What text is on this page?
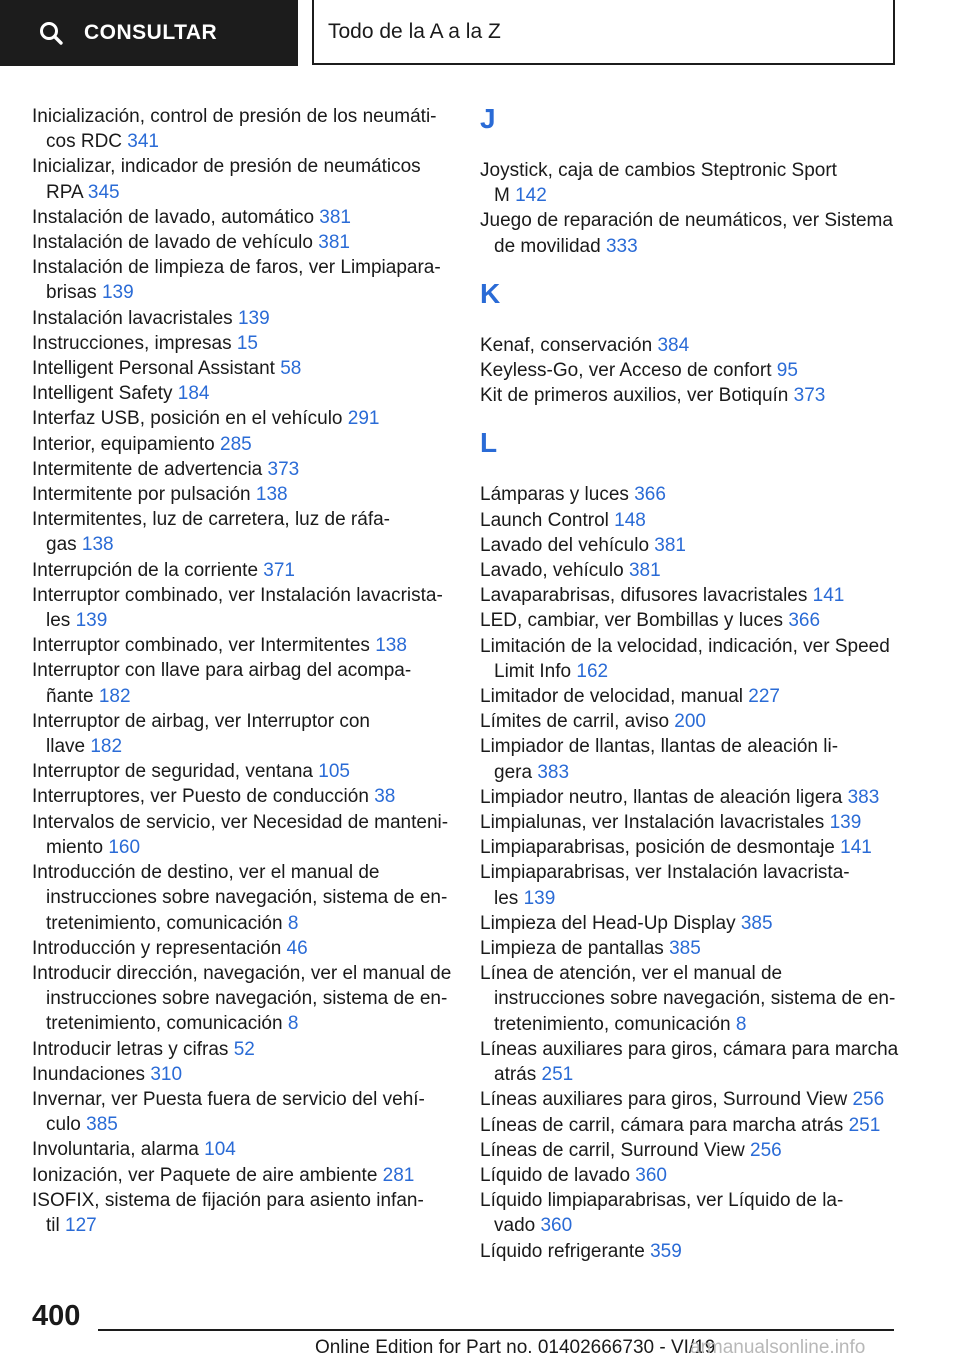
CONSULTAR	Todo de la A a la Z
Inicialización, control de presión de los neumáti-
cos RDC 341
Inicializar, indicador de presión de neumáticos
RPA 345
Instalación de lavado, automático 381
Instalación de lavado de vehículo 381
Instalación de limpieza de faros, ver Limpiapara-
brisas 139
Instalación lavacristales 139
Instrucciones, impresas 15
Intelligent Personal Assistant 58
Intelligent Safety 184
Interfaz USB, posición en el vehículo 291
Interior, equipamiento 285
Intermitente de advertencia 373
Intermitente por pulsación 138
Intermitentes, luz de carretera, luz de ráfa-
gas 138
Interrupción de la corriente 371
Interruptor combinado, ver Instalación lavacrista-
les 139
Interruptor combinado, ver Intermitentes 138
Interruptor con llave para airbag del acompa-
ñante 182
Interruptor de airbag, ver Interruptor con
llave 182
Interruptor de seguridad, ventana 105
Interruptores, ver Puesto de conducción 38
Intervalos de servicio, ver Necesidad de manteni-
miento 160
Introducción de destino, ver el manual de
instrucciones sobre navegación, sistema de en-
tretenimiento, comunicación 8
Introducción y representación 46
Introducir dirección, navegación, ver el manual de
instrucciones sobre navegación, sistema de en-
tretenimiento, comunicación 8
Introducir letras y cifras 52
Inundaciones 310
Invernar, ver Puesta fuera de servicio del vehí-
culo 385
Involuntaria, alarma 104
Ionización, ver Paquete de aire ambiente 281
ISOFIX, sistema de fijación para asiento infan-
til 127
J
Joystick, caja de cambios Steptronic Sport
M 142
Juego de reparación de neumáticos, ver Sistema
de movilidad 333
K
Kenaf, conservación 384
Keyless-Go, ver Acceso de confort 95
Kit de primeros auxilios, ver Botiquín 373
L
Lámparas y luces 366
Launch Control 148
Lavado del vehículo 381
Lavado, vehículo 381
Lavaparabrisas, difusores lavacristales 141
LED, cambiar, ver Bombillas y luces 366
Limitación de la velocidad, indicación, ver Speed
Limit Info 162
Limitador de velocidad, manual 227
Límites de carril, aviso 200
Limpiador de llantas, llantas de aleación li-
gera 383
Limpiador neutro, llantas de aleación ligera 383
Limpialunas, ver Instalación lavacristales 139
Limpiaparabrisas, posición de desmontaje 141
Limpiaparabrisas, ver Instalación lavacrista-
les 139
Limpieza del Head-Up Display 385
Limpieza de pantallas 385
Línea de atención, ver el manual de
instrucciones sobre navegación, sistema de en-
tretenimiento, comunicación 8
Líneas auxiliares para giros, cámara para marcha
atrás 251
Líneas auxiliares para giros, Surround View 256
Líneas de carril, cámara para marcha atrás 251
Líneas de carril, Surround View 256
Líquido de lavado 360
Líquido limpiaparabrisas, ver Líquido de la-
vado 360
Líquido refrigerante 359
400
Online Edition for Part no. 01402666730 - VI/19
armanualsonline.info
